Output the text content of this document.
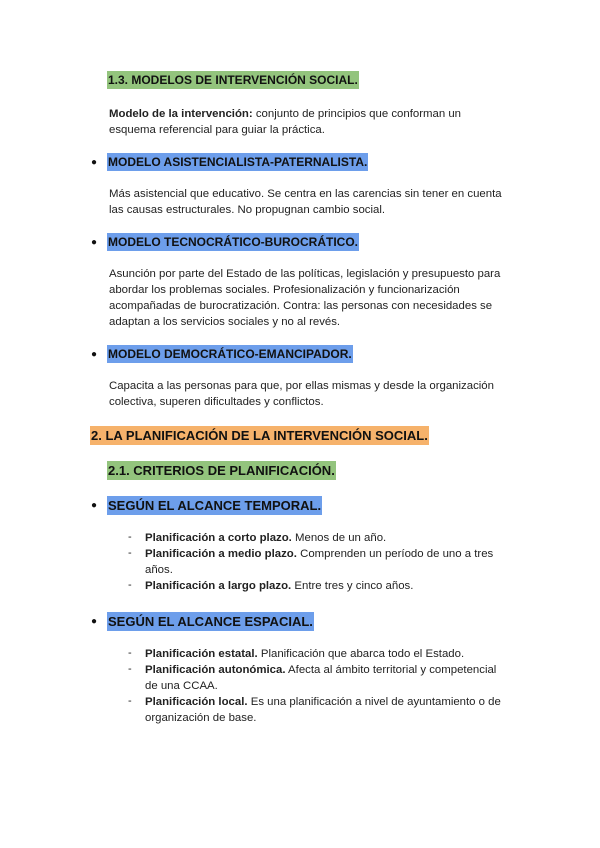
1.3. MODELOS DE INTERVENCIÓN SOCIAL.
Modelo de la intervención: conjunto de principios que conforman un
esquema referencial para guiar la práctica.
● MODELO ASISTENCIALISTA-PATERNALISTA.
Más asistencial que educativo. Se centra en las carencias sin tener en cuenta
las causas estructurales. No propugnan cambio social.
● MODELO TECNOCRÁTICO-BUROCRÁTICO.
Asunción por parte del Estado de las políticas, legislación y presupuesto para
abordar los problemas sociales. Profesionalización y funcionarización
acompañadas de burocratización. Contra: las personas con necesidades se
adaptan a los servicios sociales y no al revés.
● MODELO DEMOCRÁTICO-EMANCIPADOR.
Capacita a las personas para que, por ellas mismas y desde la organización
colectiva, superen dificultades y conflictos.
2. LA PLANIFICACIÓN DE LA INTERVENCIÓN SOCIAL.
2.1. CRITERIOS DE PLANIFICACIÓN.
● SEGÚN EL ALCANCE TEMPORAL.
- Planificación a corto plazo. Menos de un año.
- Planificación a medio plazo. Comprenden un período de uno a tres
años.
- Planificación a largo plazo. Entre tres y cinco años.
● SEGÚN EL ALCANCE ESPACIAL.
- Planificación estatal. Planificación que abarca todo el Estado.
- Planificación autonómica. Afecta al ámbito territorial y competencial
de una CCAA.
- Planificación local. Es una planificación a nivel de ayuntamiento o de
organización de base.
